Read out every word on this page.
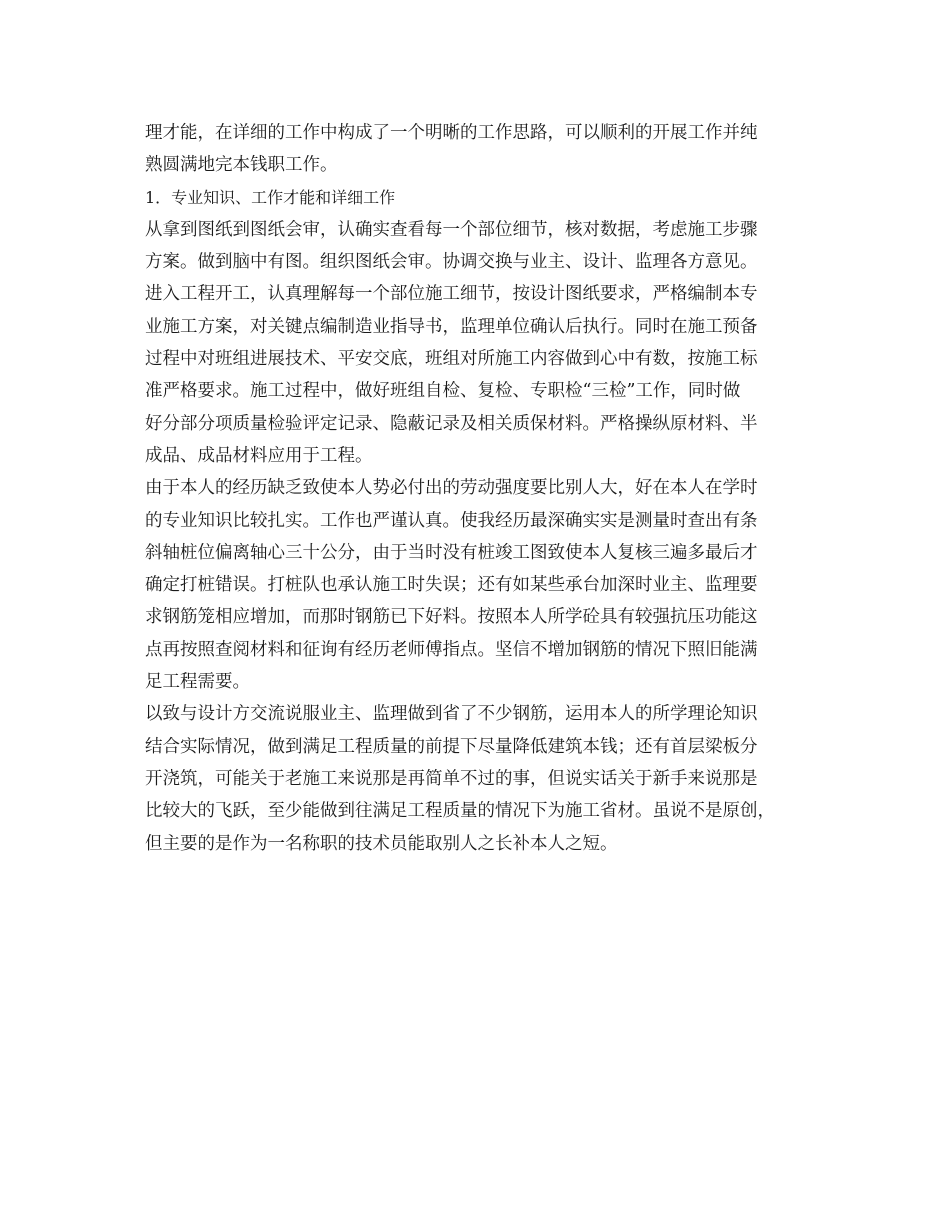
理才能，在详细的工作中构成了一个明晰的工作思路，可以顺利的开展工作并纯
熟圆满地完本钱职工作。
1．专业知识、工作才能和详细工作
从拿到图纸到图纸会审，认确实查看每一个部位细节，核对数据，考虑施工步骤
方案。做到脑中有图。组织图纸会审。协调交换与业主、设计、监理各方意见。
进入工程开工，认真理解每一个部位施工细节，按设计图纸要求，严格编制本专
业施工方案，对关键点编制造业指导书，监理单位确认后执行。同时在施工预备
过程中对班组进展技术、平安交底，班组对所施工内容做到心中有数，按施工标
准严格要求。施工过程中，做好班组自检、复检、专职检“三检”工作，同时做
好分部分项质量检验评定记录、隐蔽记录及相关质保材料。严格操纵原材料、半
成品、成品材料应用于工程。
由于本人的经历缺乏致使本人势必付出的劳动强度要比别人大，好在本人在学时
的专业知识比较扎实。工作也严谨认真。使我经历最深确实实是测量时查出有条
斜轴桩位偏离轴心三十公分，由于当时没有桩竣工图致使本人复核三遍多最后才
确定打桩错误。打桩队也承认施工时失误；还有如某些承台加深时业主、监理要
求钢筋笼相应增加，而那时钢筋已下好料。按照本人所学砼具有较强抗压功能这
点再按照查阅材料和征询有经历老师傅指点。坚信不增加钢筋的情况下照旧能满
足工程需要。
以致与设计方交流说服业主、监理做到省了不少钢筋，运用本人的所学理论知识
结合实际情况，做到满足工程质量的前提下尽量降低建筑本钱；还有首层梁板分
开浇筑，可能关于老施工来说那是再简单不过的事，但说实话关于新手来说那是
比较大的飞跃，至少能做到往满足工程质量的情况下为施工省材。虽说不是原创，
但主要的是作为一名称职的技术员能取别人之长补本人之短。
